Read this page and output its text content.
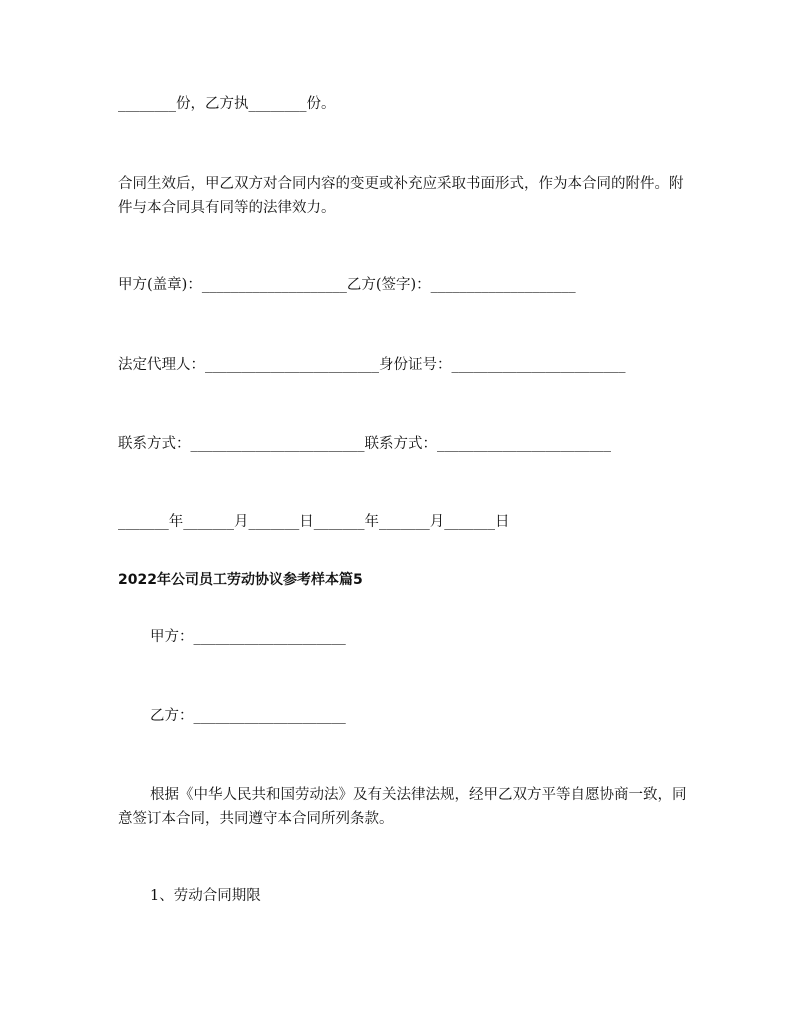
________份，乙方执________份。
合同生效后，甲乙双方对合同内容的变更或补充应采取书面形式，作为本合同的附件。附件与本合同具有同等的法律效力。
甲方(盖章)：____________________乙方(签字)：____________________
法定代理人：________________________身份证号：________________________
联系方式：________________________联系方式：________________________
_______年_______月_______日_______年_______月_______日
2022年公司员工劳动协议参考样本篇5
甲方：_____________________
乙方：_____________________
根据《中华人民共和国劳动法》及有关法律法规，经甲乙双方平等自愿协商一致，同意签订本合同，共同遵守本合同所列条款。
1、劳动合同期限
